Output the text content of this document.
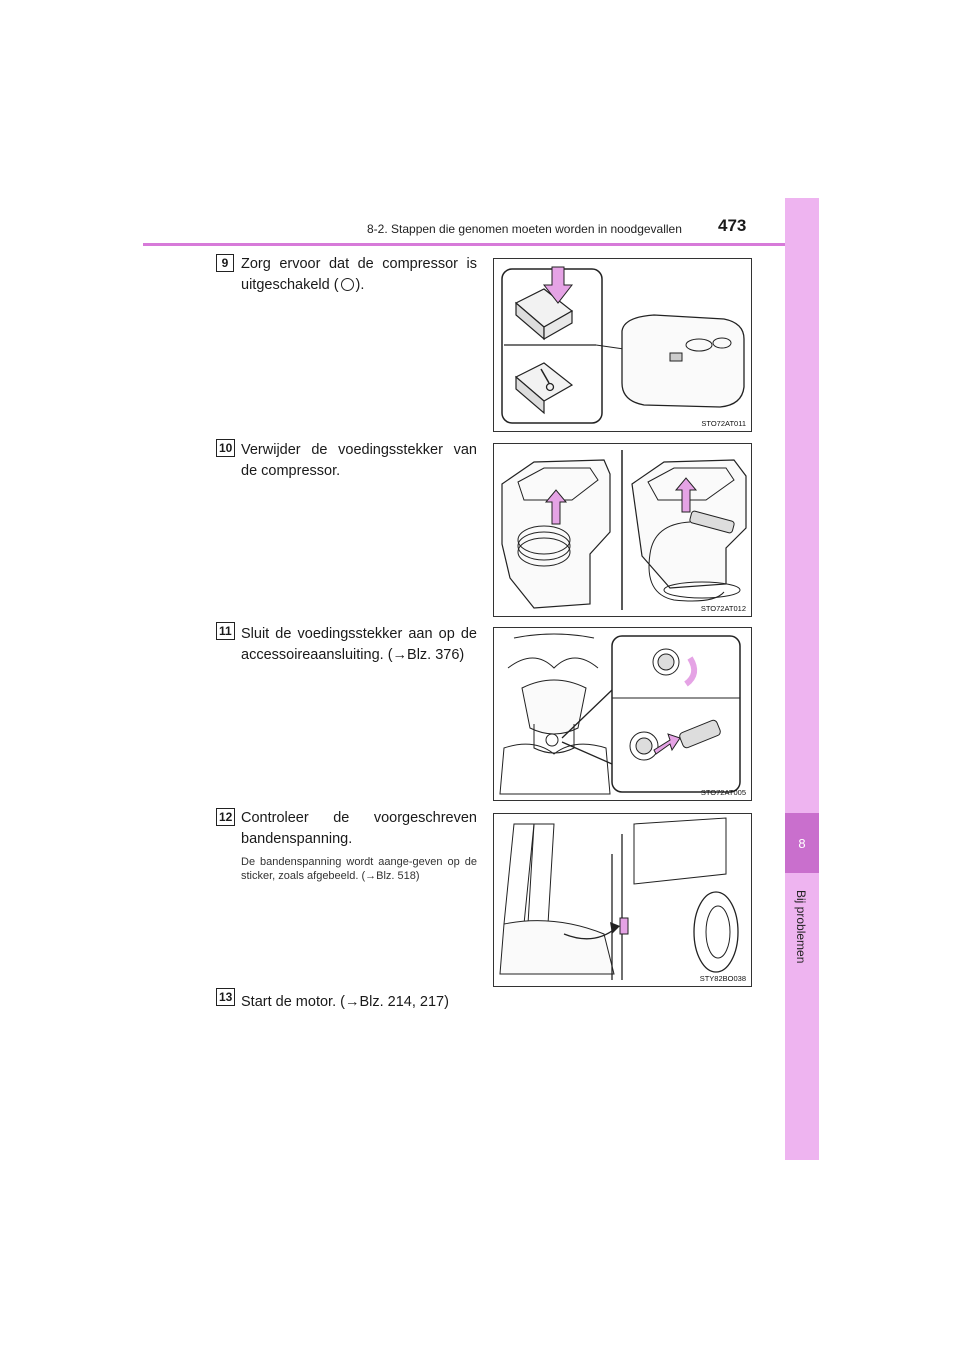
8-2. Stappen die genomen moeten worden in noodgevallen 473
8
Bij problemen
9 Zorg ervoor dat de compressor is uitgeschakeld ( ).
STO72AT011
10 Verwijder de voedingsstekker van de compressor.
STO72AT012
11 Sluit de voedingsstekker aan op de accessoireaansluiting. (→Blz. 376)
STO72AT005
12 Controleer de voorgeschreven bandenspanning.
De bandenspanning wordt aange-geven op de sticker, zoals afgebeeld. (→Blz. 518)
STY82BO038
13 Start de motor. (→Blz. 214, 217)
